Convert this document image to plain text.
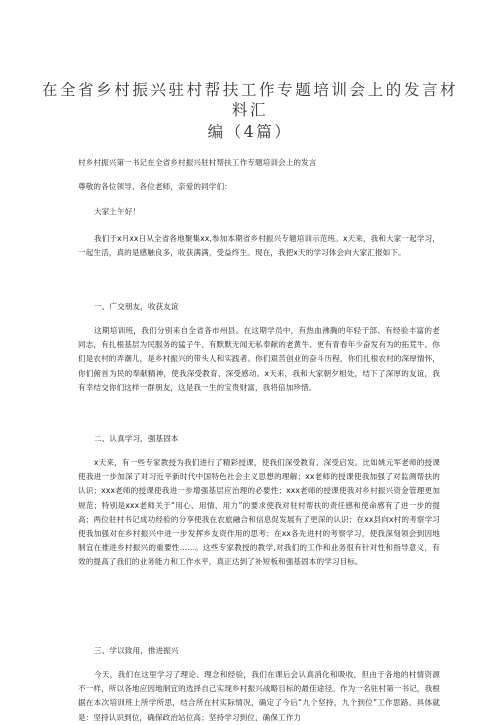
在全省乡村振兴驻村帮扶工作专题培训会上的发言材料汇
编（4篇）

村乡村振兴第一书记在全省乡村振兴驻村帮扶工作专题培训会上的发言

尊敬的各位领导、各位老师，亲爱的同学们：

大家上午好！

我们于x月xx日从全省各地聚集xx,参加本期省乡村振兴专题培训示范班。x天来，我和大家一起学习，一起生活，真的是感触良多，收获满满，受益终生。现在，我把x天的学习体会向大家汇报如下。

一、广交朋友，收获友谊

这期培训班，我们分别来自全省各市州县。在这期学员中，有热血沸腾的年轻干部、有经验丰富的老同志，有扎根基层为民服务的猛子牛、有默默无闻无私奉献的老黄牛、更有青春年少奋发有为的拓荒牛。你们是农村的弄潮儿，是乡村振兴的带头人和实践者。你们艰苦创业的奋斗历程，你们扎根农村的深厚情怀，你们俯首为民的奉献精神，使我深受教育、深受感动。x天来，我和大家朝夕相处，结下了深厚的友谊，我有幸结交你们这样一群朋友，这是我一生的宝贵财富，我将倍加珍惜。

二、认真学习，强基固本

x天来，有一些专家教授为我们进行了精彩授课，使我们深受教育、深受启发。比如姚元军老师的授课使我进一步加深了对习近平新时代中国特色社会主义思想的理解；xx老师的授课使我加强了对监测帮扶的认识；xxx老师的授课使我进一步增强基层应治理的必要性；xxx老师的授课使我对乡村振兴资金管理更加规范；特别是xxx老师关于“用心、用情、用力”的要求使我对驻村帮扶的责任感和使命感有了进一步的提高；两位驻村书记成功经验的分享使我在农旅融合和信息促发展有了更深的认识；在xx县向x村的考察学习使我加强对在乡村振兴中进一步发挥乡友资作用的思考；在xx各先进村的考察学习，使我深刻领会到因地制宜在推进乡村振兴的重要性……。这些专家教授的教学,对我们的工作和业务很有针对性和指导意义，有效的提高了我们的业务能力和工作水平，真正达到了补短板和强基固本的学习目标。

三、学以致用，推进振兴

今天，我们在这里学习了理论、理念和经验，我们在课后会认真消化和吸收，但由于各地的村情资源不一样，所以各地应因地制宜的选择自己实现乡村振兴战略目标的最佳途径。作为一名驻村第一书记，我根据在本次培训班上所学所思，结合所在村实际情况，确定了今后“九个坚持，九个到位”工作思路。具体就是：坚持认识到位，确保政治站位高；坚持学习到位，确保工作力
